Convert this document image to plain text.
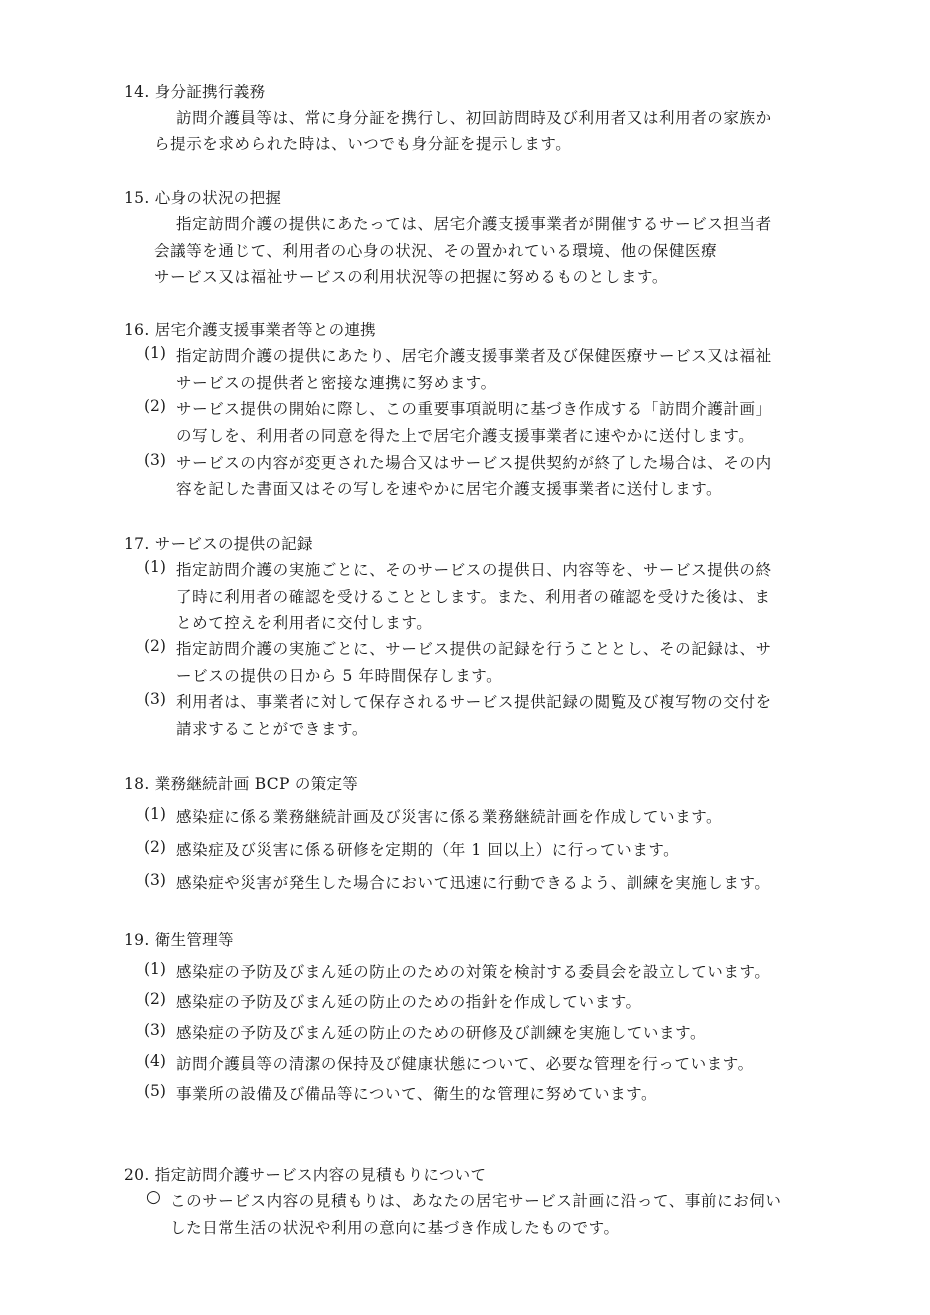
14. 身分証携行義務
訪問介護員等は、常に身分証を携行し、初回訪問時及び利用者又は利用者の家族か
ら提示を求められた時は、いつでも身分証を提示します。
15. 心身の状況の把握
指定訪問介護の提供にあたっては、居宅介護支援事業者が開催するサービス担当者
会議等を通じて、利用者の心身の状況、その置かれている環境、他の保健医療
サービス又は福祉サービスの利用状況等の把握に努めるものとします。
16. 居宅介護支援事業者等との連携
(1) 指定訪問介護の提供にあたり、居宅介護支援事業者及び保健医療サービス又は福祉
サービスの提供者と密接な連携に努めます。
(2) サービス提供の開始に際し、この重要事項説明に基づき作成する「訪問介護計画」
の写しを、利用者の同意を得た上で居宅介護支援事業者に速やかに送付します。
(3) サービスの内容が変更された場合又はサービス提供契約が終了した場合は、その内
容を記した書面又はその写しを速やかに居宅介護支援事業者に送付します。
17. サービスの提供の記録
(1) 指定訪問介護の実施ごとに、そのサービスの提供日、内容等を、サービス提供の終
了時に利用者の確認を受けることとします。また、利用者の確認を受けた後は、ま
とめて控えを利用者に交付します。
(2) 指定訪問介護の実施ごとに、サービス提供の記録を行うこととし、その記録は、サ
ービスの提供の日から 5 年時間保存します。
(3) 利用者は、事業者に対して保存されるサービス提供記録の閲覧及び複写物の交付を
請求することができます。
18. 業務継続計画 BCP の策定等
(1) 感染症に係る業務継続計画及び災害に係る業務継続計画を作成しています。
(2) 感染症及び災害に係る研修を定期的（年 1 回以上）に行っています。
(3) 感染症や災害が発生した場合において迅速に行動できるよう、訓練を実施します。
19. 衛生管理等
(1) 感染症の予防及びまん延の防止のための対策を検討する委員会を設立しています。
(2) 感染症の予防及びまん延の防止のための指針を作成しています。
(3) 感染症の予防及びまん延の防止のための研修及び訓練を実施しています。
(4) 訪問介護員等の清潔の保持及び健康状態について、必要な管理を行っています。
(5) 事業所の設備及び備品等について、衛生的な管理に努めています。
20. 指定訪問介護サービス内容の見積もりについて
○ このサービス内容の見積もりは、あなたの居宅サービス計画に沿って、事前にお伺い
した日常生活の状況や利用の意向に基づき作成したものです。
